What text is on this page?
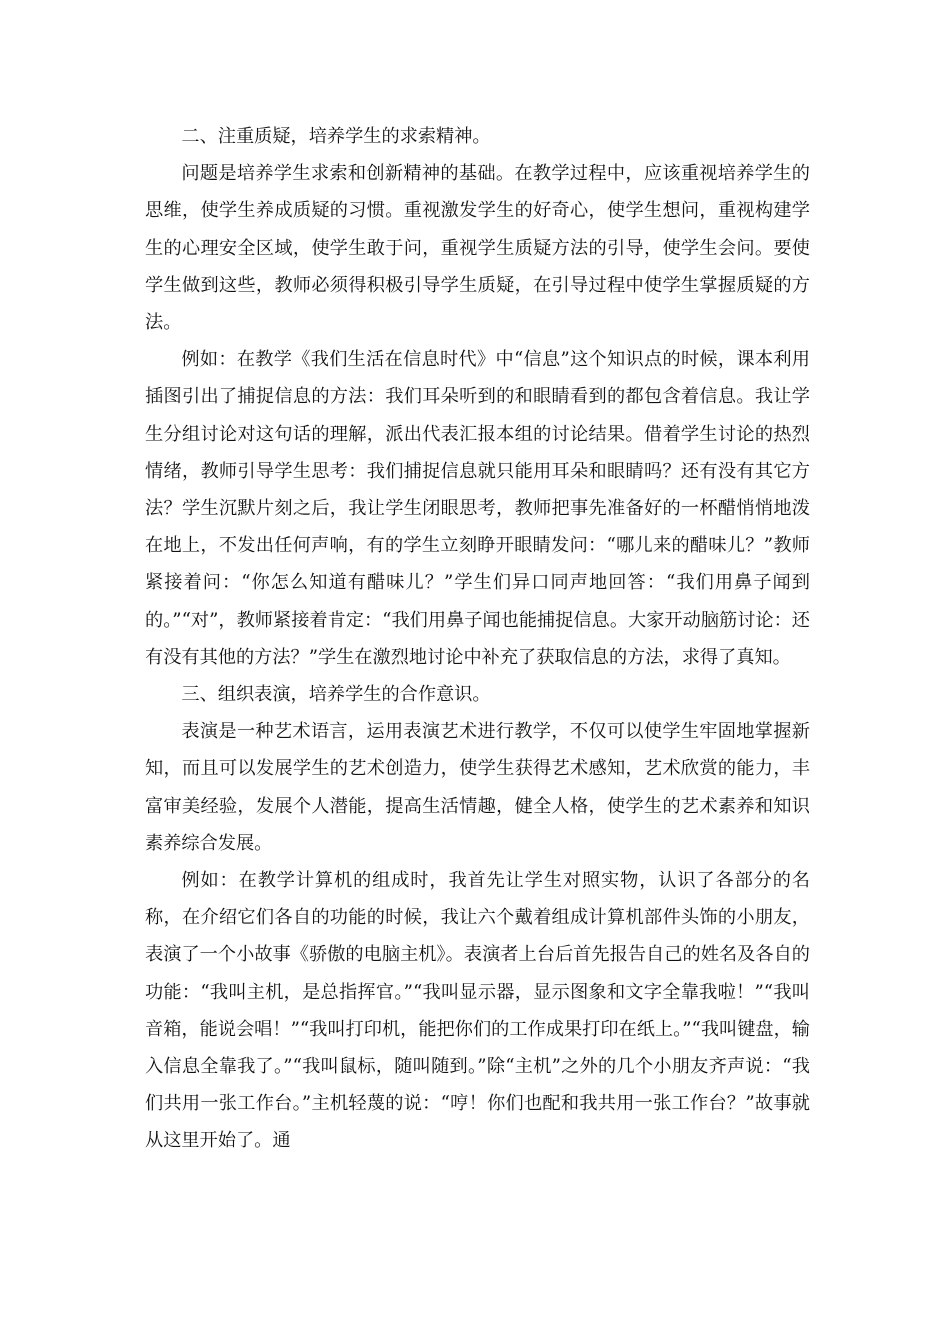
二、注重质疑，培养学生的求索精神。

问题是培养学生求索和创新精神的基础。在教学过程中，应该重视培养学生的思维，使学生养成质疑的习惯。重视激发学生的好奇心，使学生想问，重视构建学生的心理安全区域，使学生敢于问，重视学生质疑方法的引导，使学生会问。要使学生做到这些，教师必须得积极引导学生质疑，在引导过程中使学生掌握质疑的方法。

例如：在教学《我们生活在信息时代》中“信息”这个知识点的时候，课本利用插图引出了捕捉信息的方法：我们耳朵听到的和眼睛看到的都包含着信息。我让学生分组讨论对这句话的理解，派出代表汇报本组的讨论结果。借着学生讨论的热烈情绪，教师引导学生思考：我们捕捉信息就只能用耳朵和眼睛吗？还有没有其它方法？学生沉默片刻之后，我让学生闭眼思考，教师把事先准备好的一杯醋悄悄地泼在地上，不发出任何声响，有的学生立刻睁开眼睛发问：“哪儿来的醋味儿？”教师紧接着问：“你怎么知道有醋味儿？”学生们异口同声地回答：“我们用鼻子闻到的。”“对”，教师紧接着肯定：“我们用鼻子闻也能捕捉信息。大家开动脑筋讨论：还有没有其他的方法？”学生在激烈地讨论中补充了获取信息的方法，求得了真知。

三、组织表演，培养学生的合作意识。

表演是一种艺术语言，运用表演艺术进行教学，不仅可以使学生牢固地掌握新知，而且可以发展学生的艺术创造力，使学生获得艺术感知，艺术欣赏的能力，丰富审美经验，发展个人潜能，提高生活情趣，健全人格，使学生的艺术素养和知识素养综合发展。

例如：在教学计算机的组成时，我首先让学生对照实物，认识了各部分的名称，在介绍它们各自的功能的时候，我让六个戴着组成计算机部件头饰的小朋友，表演了一个小故事《骄傲的电脑主机》。表演者上台后首先报告自己的姓名及各自的功能：“我叫主机，是总指挥官。”“我叫显示器，显示图象和文字全靠我啦！”“我叫音箱，能说会唱！”“我叫打印机，能把你们的工作成果打印在纸上。”“我叫键盘，输入信息全靠我了。”“我叫鼠标，随叫随到。”除“主机”之外的几个小朋友齐声说：“我们共用一张工作台。”主机轻蔑的说：“哼！你们也配和我共用一张工作台？”故事就从这里开始了。通
